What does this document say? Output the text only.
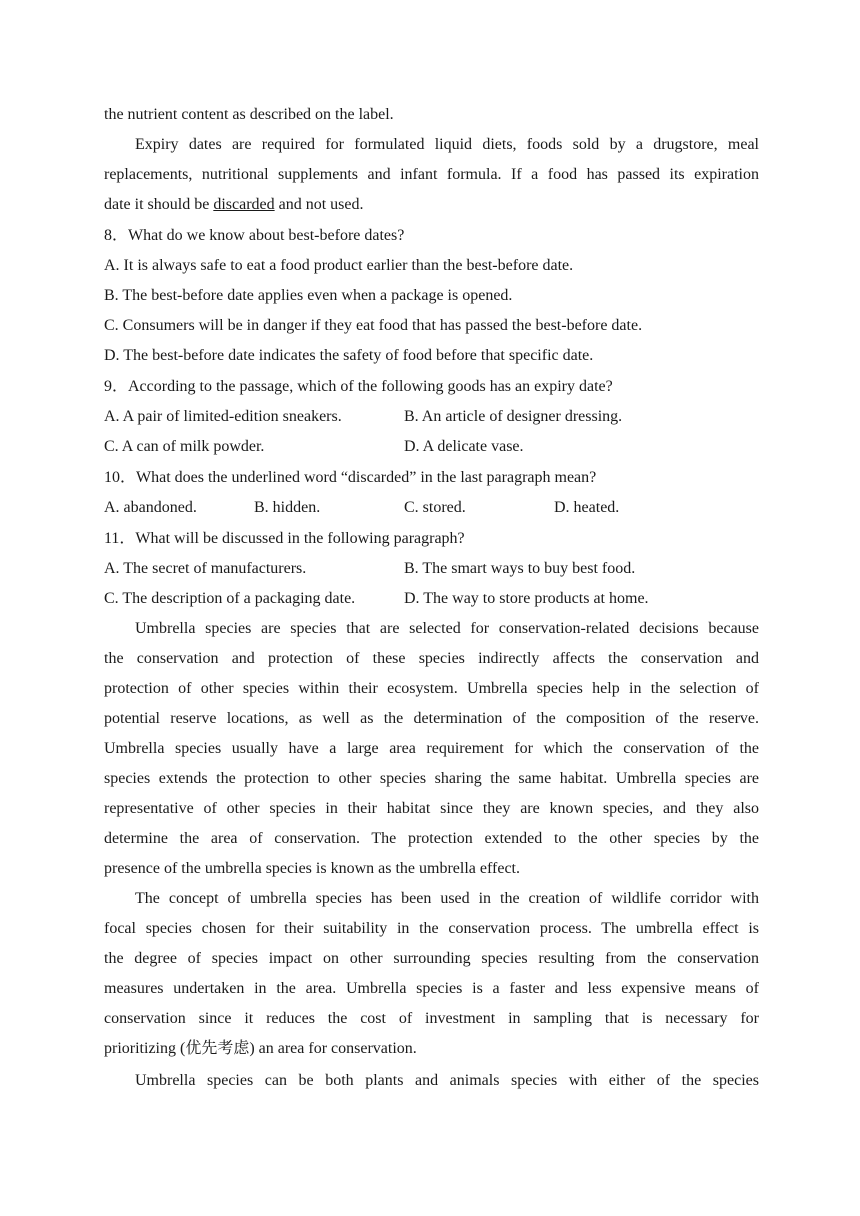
the nutrient content as described on the label.
Expiry dates are required for formulated liquid diets, foods sold by a drugstore, meal
replacements, nutritional supplements and infant formula. If a food has passed its expiration
date it should be discarded and not used.
8．What do we know about best-before dates?
A. It is always safe to eat a food product earlier than the best-before date.
B. The best-before date applies even when a package is opened.
C. Consumers will be in danger if they eat food that has passed the best-before date.
D. The best-before date indicates the safety of food before that specific date.
9．According to the passage, which of the following goods has an expiry date?
A. A pair of limited-edition sneakers.	B. An article of designer dressing.
C. A can of milk powder.	D. A delicate vase.
10．What does the underlined word “discarded” in the last paragraph mean?
A. abandoned.	B. hidden.	C. stored.	D. heated.
11．What will be discussed in the following paragraph?
A. The secret of manufacturers.	B. The smart ways to buy best food.
C. The description of a packaging date.	D. The way to store products at home.
Umbrella species are species that are selected for conservation-related decisions because
the conservation and protection of these species indirectly affects the conservation and
protection of other species within their ecosystem. Umbrella species help in the selection of
potential reserve locations, as well as the determination of the composition of the reserve.
Umbrella species usually have a large area requirement for which the conservation of the
species extends the protection to other species sharing the same habitat. Umbrella species are
representative of other species in their habitat since they are known species, and they also
determine the area of conservation. The protection extended to the other species by the
presence of the umbrella species is known as the umbrella effect.
The concept of umbrella species has been used in the creation of wildlife corridor with
focal species chosen for their suitability in the conservation process. The umbrella effect is
the degree of species impact on other surrounding species resulting from the conservation
measures undertaken in the area. Umbrella species is a faster and less expensive means of
conservation since it reduces the cost of investment in sampling that is necessary for
prioritizing (优先考虑) an area for conservation.
Umbrella species can be both plants and animals species with either of the species
